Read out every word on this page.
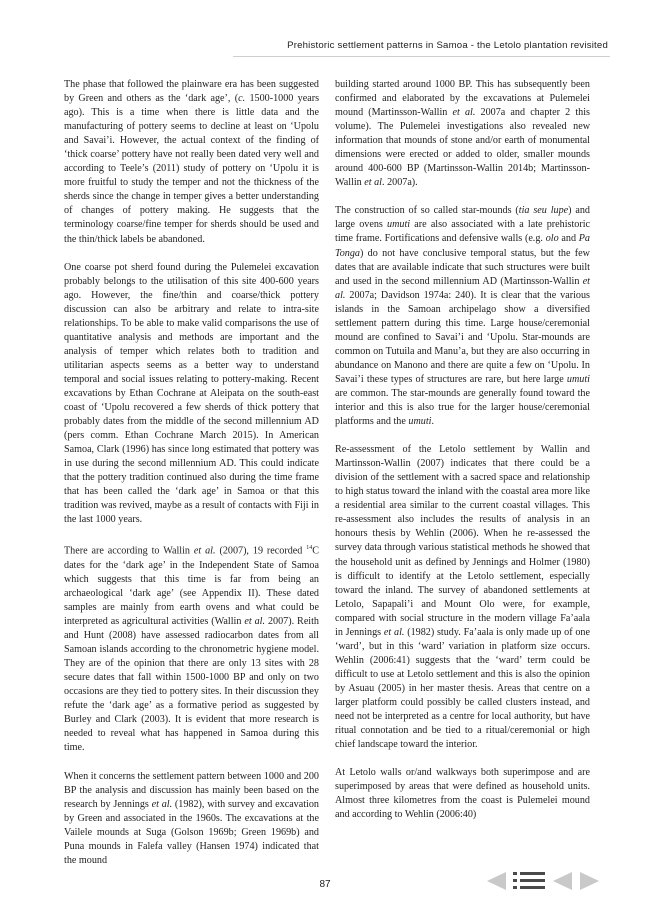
Prehistoric settlement patterns in Samoa - the Letolo plantation revisited

The phase that followed the plainware era has been suggested by Green and others as the ‘dark age’, (c. 1500-1000 years ago). This is a time when there is little data and the manufacturing of pottery seems to decline at least on ‘Upolu and Savai’i. However, the actual context of the finding of ‘thick coarse’ pottery have not really been dated very well and according to Teele’s (2011) study of pottery on ‘Upolu it is more fruitful to study the temper and not the thickness of the sherds since the change in temper gives a better understanding of changes of pottery making. He suggests that the terminology coarse/fine temper for sherds should be used and the thin/thick labels be abandoned.

One coarse pot sherd found during the Pulemelei excavation probably belongs to the utilisation of this site 400-600 years ago. However, the fine/thin and coarse/thick pottery discussion can also be arbitrary and relate to intra-site relationships. To be able to make valid comparisons the use of quantitative analysis and methods are important and the analysis of temper which relates both to tradition and utilitarian aspects seems as a better way to understand temporal and social issues relating to pottery-making. Recent excavations by Ethan Cochrane at Aleipata on the south-east coast of ‘Upolu recovered a few sherds of thick pottery that probably dates from the middle of the second millennium AD (pers comm. Ethan Cochrane March 2015). In American Samoa, Clark (1996) has since long estimated that pottery was in use during the second millennium AD. This could indicate that the pottery tradition continued also during the time frame that has been called the ‘dark age’ in Samoa or that this tradition was revived, maybe as a result of contacts with Fiji in the last 1000 years.

There are according to Wallin et al. (2007), 19 recorded $^{14}$C dates for the ‘dark age’ in the Independent State of Samoa which suggests that this time is far from being an archaeological ‘dark age’ (see Appendix II). These dated samples are mainly from earth ovens and what could be interpreted as agricultural activities (Wallin et al. 2007). Reith and Hunt (2008) have assessed radiocarbon dates from all Samoan islands according to the chronometric hygiene model. They are of the opinion that there are only 13 sites with 28 secure dates that fall within 1500-1000 BP and only on two occasions are they tied to pottery sites. In their discussion they refute the ‘dark age’ as a formative period as suggested by Burley and Clark (2003). It is evident that more research is needed to reveal what has happened in Samoa during this time.

When it concerns the settlement pattern between 1000 and 200 BP the analysis and discussion has mainly been based on the research by Jennings et al. (1982), with survey and excavation by Green and associated in the 1960s. The excavations at the Vailele mounds at Suga (Golson 1969b; Green 1969b) and Puna mounds in Falefa valley (Hansen 1974) indicated that the mound

building started around 1000 BP. This has subsequently been confirmed and elaborated by the excavations at Pulemelei mound (Martinsson-Wallin et al. 2007a and chapter 2 this volume). The Pulemelei investigations also revealed new information that mounds of stone and/or earth of monumental dimensions were erected or added to older, smaller mounds around 400-600 BP (Martinsson-Wallin 2014b; Martinsson-Wallin et al. 2007a).

The construction of so called star-mounds (tia seu lupe) and large ovens umuti are also associated with a late prehistoric time frame. Fortifications and defensive walls (e.g. olo and Pa Tonga) do not have conclusive temporal status, but the few dates that are available indicate that such structures were built and used in the second millennium AD (Martinsson-Wallin et al. 2007a; Davidson 1974a: 240). It is clear that the various islands in the Samoan archipelago show a diversified settlement pattern during this time. Large house/ceremonial mound are confined to Savai’i and ‘Upolu. Star-mounds are common on Tutuila and Manu’a, but they are also occurring in abundance on Manono and there are quite a few on ‘Upolu. In Savai’i these types of structures are rare, but here large umuti are common. The star-mounds are generally found toward the interior and this is also true for the larger house/ceremonial platforms and the umuti.

Re-assessment of the Letolo settlement by Wallin and Martinsson-Wallin (2007) indicates that there could be a division of the settlement with a sacred space and relationship to high status toward the inland with the coastal area more like a residential area similar to the current coastal villages. This re-assessment also includes the results of analysis in an honours thesis by Wehlin (2006). When he re-assessed the survey data through various statistical methods he showed that the household unit as defined by Jennings and Holmer (1980) is difficult to identify at the Letolo settlement, especially toward the inland. The survey of abandoned settlements at Letolo, Sapapali’i and Mount Olo were, for example, compared with social structure in the modern village Fa’aala in Jennings et al. (1982) study. Fa’aala is only made up of one ‘ward’, but in this ‘ward’ variation in platform size occurs. Wehlin (2006:41) suggests that the ‘ward’ term could be difficult to use at Letolo settlement and this is also the opinion by Asuau (2005) in her master thesis. Areas that centre on a larger platform could possibly be called clusters instead, and need not be interpreted as a centre for local authority, but have ritual connotation and be tied to a ritual/ceremonial or high chief landscape toward the interior.

At Letolo walls or/and walkways both superimpose and are superimposed by areas that were defined as household units. Almost three kilometres from the coast is Pulemelei mound and according to Wehlin (2006:40)

87
